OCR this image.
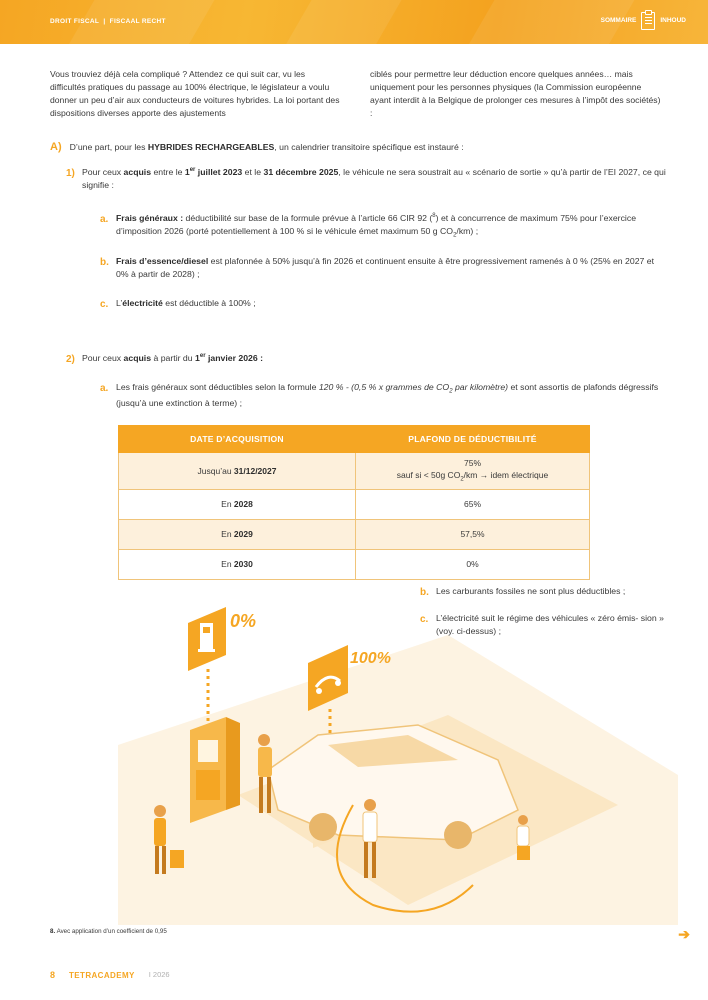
DROIT FISCAL | FISCAAL RECHT	SOMMAIRE	INHOUD
Vous trouviez déjà cela compliqué ? Attendez ce qui suit car, vu les difficultés pratiques du passage au 100% électrique, le législateur a voulu donner un peu d’air aux conducteurs de voitures hybrides. La loi portant des dispositions diverses apporte des ajustements
ciblés pour permettre leur déduction encore quelques années… mais uniquement pour les personnes physiques (la Commission européenne ayant interdit à la Belgique de prolonger ces mesures à l’impôt des sociétés) :
A) D’une part, pour les HYBRIDES RECHARGEABLES, un calendrier transitoire spécifique est instauré :
1) Pour ceux acquis entre le 1er juillet 2023 et le 31 décembre 2025, le véhicule ne sera soustrait au « scénario de sortie » qu’à partir de l’EI 2027, ce qui signifie :
a. Frais généraux : déductibilité sur base de la formule prévue à l’article 66 CIR 92 ($^8$) et à concurrence de maximum 75% pour l’exercice d’imposition 2026 (porté potentiellement à 100 % si le véhicule émet maximum 50 g $CO_2/km$) ;
b. Frais d’essence/diesel est plafonnée à 50% jusqu’à fin 2026 et continuent ensuite à être progressivement ramenés à 0 % (25% en 2027 et 0% à partir de 2028) ;
c. L’électricité est déductible à 100% ;
2) Pour ceux acquis à partir du 1er janvier 2026 :
a. Les frais généraux sont déductibles selon la formule 120 % - (0,5 % x grammes de $CO_2$ par kilomètre) et sont assortis de plafonds dégressifs (jusqu’à une extinction à terme) ;
DATE D’ACQUISITION	PLAFOND DE DÉDUCTIBILITÉ
Jusqu’au 31/12/2027	75%
sauf si < 50g $CO_2/km$ → idem électrique
En 2028	65%
En 2029	57,5%
En 2030	0%
b. Les carburants fossiles ne sont plus déductibles ;
c. L’électricité suit le régime des véhicules « zéro émis- sion » (voy. ci-dessus) ;
0%
100%
8. Avec application d’un coefficient de 0,95	➔
8 TETRACADEMY I 2026
